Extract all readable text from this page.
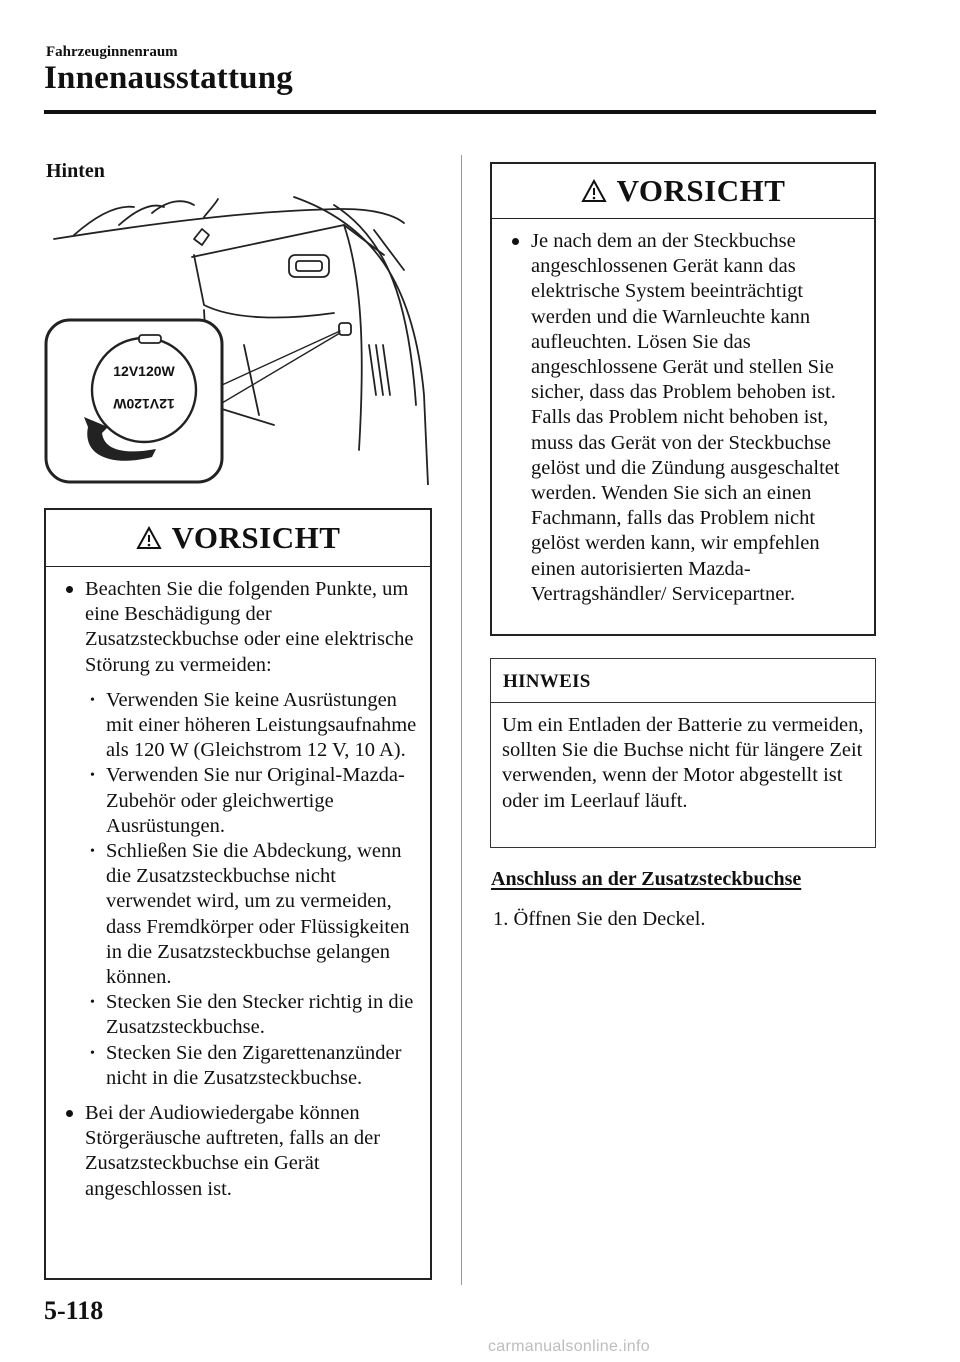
Fahrzeuginnenraum
Innenausstattung
Hinten
12V120W
12V120W
VORSICHT
Beachten Sie die folgenden Punkte, um eine Beschädigung der Zusatzsteckbuchse oder eine elektrische Störung zu vermeiden:
• Verwenden Sie keine Ausrüstungen mit einer höheren Leistungsaufnahme als 120 W (Gleichstrom 12 V, 10 A).
• Verwenden Sie nur Original-Mazda-Zubehör oder gleichwertige Ausrüstungen.
• Schließen Sie die Abdeckung, wenn die Zusatzsteckbuchse nicht verwendet wird, um zu vermeiden, dass Fremdkörper oder Flüssigkeiten in die Zusatzsteckbuchse gelangen können.
• Stecken Sie den Stecker richtig in die Zusatzsteckbuchse.
• Stecken Sie den Zigarettenanzünder nicht in die Zusatzsteckbuchse.
Bei der Audiowiedergabe können Störgeräusche auftreten, falls an der Zusatzsteckbuchse ein Gerät angeschlossen ist.
VORSICHT
Je nach dem an der Steckbuchse angeschlossenen Gerät kann das elektrische System beeinträchtigt werden und die Warnleuchte kann aufleuchten. Lösen Sie das angeschlossene Gerät und stellen Sie sicher, dass das Problem behoben ist. Falls das Problem nicht behoben ist, muss das Gerät von der Steckbuchse gelöst und die Zündung ausgeschaltet werden. Wenden Sie sich an einen Fachmann, falls das Problem nicht gelöst werden kann, wir empfehlen einen autorisierten Mazda-Vertragshändler/ Servicepartner.
HINWEIS
Um ein Entladen der Batterie zu vermeiden, sollten Sie die Buchse nicht für längere Zeit verwenden, wenn der Motor abgestellt ist oder im Leerlauf läuft.
Anschluss an der Zusatzsteckbuchse
1. Öffnen Sie den Deckel.
5-118
carmanualsonline.info
